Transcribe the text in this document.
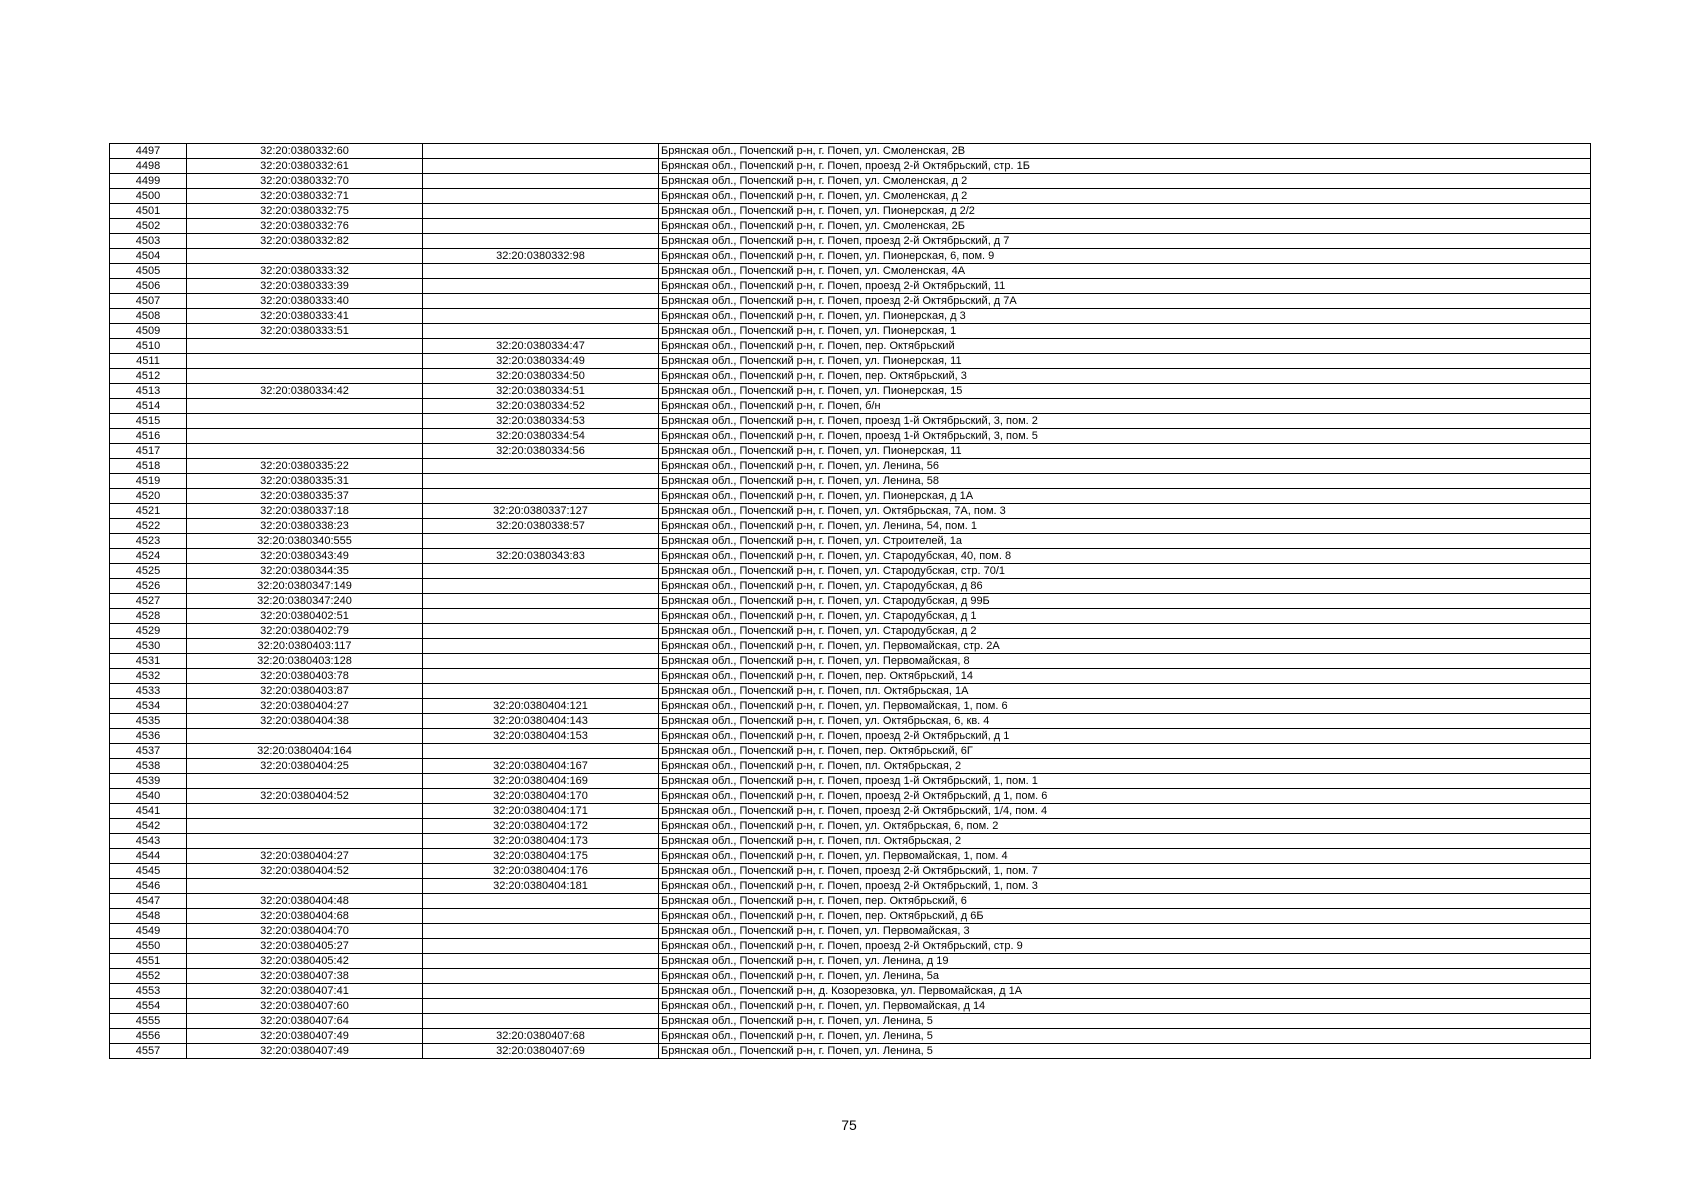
4497	32:20:0380332:60		Брянская обл., Почепский р-н, г. Почеп, ул. Смоленская, 2В
4498	32:20:0380332:61		Брянская обл., Почепский р-н, г. Почеп, проезд 2-й Октябрьский, стр. 1Б
4499	32:20:0380332:70		Брянская обл., Почепский р-н, г. Почеп, ул. Смоленская, д 2
4500	32:20:0380332:71		Брянская обл., Почепский р-н, г. Почеп, ул. Смоленская, д 2
4501	32:20:0380332:75		Брянская обл., Почепский р-н, г. Почеп, ул. Пионерская, д 2/2
4502	32:20:0380332:76		Брянская обл., Почепский р-н, г. Почеп, ул. Смоленская, 2Б
4503	32:20:0380332:82		Брянская обл., Почепский р-н, г. Почеп, проезд 2-й Октябрьский, д 7
4504		32:20:0380332:98	Брянская обл., Почепский р-н, г. Почеп, ул. Пионерская, 6, пом. 9
4505	32:20:0380333:32		Брянская обл., Почепский р-н, г. Почеп, ул. Смоленская, 4А
4506	32:20:0380333:39		Брянская обл., Почепский р-н, г. Почеп, проезд 2-й Октябрьский, 11
4507	32:20:0380333:40		Брянская обл., Почепский р-н, г. Почеп, проезд 2-й Октябрьский, д 7А
4508	32:20:0380333:41		Брянская обл., Почепский р-н, г. Почеп, ул. Пионерская, д 3
4509	32:20:0380333:51		Брянская обл., Почепский р-н, г. Почеп, ул. Пионерская, 1
4510		32:20:0380334:47	Брянская обл., Почепский р-н, г. Почеп, пер. Октябрьский
4511		32:20:0380334:49	Брянская обл., Почепский р-н, г. Почеп, ул. Пионерская, 11
4512		32:20:0380334:50	Брянская обл., Почепский р-н, г. Почеп, пер. Октябрьский, 3
4513	32:20:0380334:42	32:20:0380334:51	Брянская обл., Почепский р-н, г. Почеп, ул. Пионерская, 15
4514		32:20:0380334:52	Брянская обл., Почепский р-н, г. Почеп, б/н
4515		32:20:0380334:53	Брянская обл., Почепский р-н, г. Почеп, проезд 1-й Октябрьский, 3, пом. 2
4516		32:20:0380334:54	Брянская обл., Почепский р-н, г. Почеп, проезд 1-й Октябрьский, 3, пом. 5
4517		32:20:0380334:56	Брянская обл., Почепский р-н, г. Почеп, ул. Пионерская, 11
4518	32:20:0380335:22		Брянская обл., Почепский р-н, г. Почеп, ул. Ленина, 56
4519	32:20:0380335:31		Брянская обл., Почепский р-н, г. Почеп, ул. Ленина, 58
4520	32:20:0380335:37		Брянская обл., Почепский р-н, г. Почеп, ул. Пионерская, д 1А
4521	32:20:0380337:18	32:20:0380337:127	Брянская обл., Почепский р-н, г. Почеп, ул. Октябрьская, 7А, пом. 3
4522	32:20:0380338:23	32:20:0380338:57	Брянская обл., Почепский р-н, г. Почеп, ул. Ленина, 54, пом. 1
4523	32:20:0380340:555		Брянская обл., Почепский р-н, г. Почеп, ул. Строителей, 1а
4524	32:20:0380343:49	32:20:0380343:83	Брянская обл., Почепский р-н, г. Почеп, ул. Стародубская, 40, пом. 8
4525	32:20:0380344:35		Брянская обл., Почепский р-н, г. Почеп, ул. Стародубская, стр. 70/1
4526	32:20:0380347:149		Брянская обл., Почепский р-н, г. Почеп, ул. Стародубская, д 86
4527	32:20:0380347:240		Брянская обл., Почепский р-н, г. Почеп, ул. Стародубская, д 99Б
4528	32:20:0380402:51		Брянская обл., Почепский р-н, г. Почеп, ул. Стародубская, д 1
4529	32:20:0380402:79		Брянская обл., Почепский р-н, г. Почеп, ул. Стародубская, д 2
4530	32:20:0380403:117		Брянская обл., Почепский р-н, г. Почеп, ул. Первомайская, стр. 2А
4531	32:20:0380403:128		Брянская обл., Почепский р-н, г. Почеп, ул. Первомайская, 8
4532	32:20:0380403:78		Брянская обл., Почепский р-н, г. Почеп, пер. Октябрьский, 14
4533	32:20:0380403:87		Брянская обл., Почепский р-н, г. Почеп, пл. Октябрьская, 1А
4534	32:20:0380404:27	32:20:0380404:121	Брянская обл., Почепский р-н, г. Почеп, ул. Первомайская, 1, пом. 6
4535	32:20:0380404:38	32:20:0380404:143	Брянская обл., Почепский р-н, г. Почеп, ул. Октябрьская, 6, кв. 4
4536		32:20:0380404:153	Брянская обл., Почепский р-н, г. Почеп, проезд 2-й Октябрьский, д 1
4537	32:20:0380404:164		Брянская обл., Почепский р-н, г. Почеп, пер. Октябрьский, 6Г
4538	32:20:0380404:25	32:20:0380404:167	Брянская обл., Почепский р-н, г. Почеп, пл. Октябрьская, 2
4539		32:20:0380404:169	Брянская обл., Почепский р-н, г. Почеп, проезд 1-й Октябрьский, 1, пом. 1
4540	32:20:0380404:52	32:20:0380404:170	Брянская обл., Почепский р-н, г. Почеп, проезд 2-й Октябрьский, д 1, пом. 6
4541		32:20:0380404:171	Брянская обл., Почепский р-н, г. Почеп, проезд 2-й Октябрьский, 1/4, пом. 4
4542		32:20:0380404:172	Брянская обл., Почепский р-н, г. Почеп, ул. Октябрьская, 6, пом. 2
4543		32:20:0380404:173	Брянская обл., Почепский р-н, г. Почеп, пл. Октябрьская, 2
4544	32:20:0380404:27	32:20:0380404:175	Брянская обл., Почепский р-н, г. Почеп, ул. Первомайская, 1, пом. 4
4545	32:20:0380404:52	32:20:0380404:176	Брянская обл., Почепский р-н, г. Почеп, проезд 2-й Октябрьский, 1, пом. 7
4546		32:20:0380404:181	Брянская обл., Почепский р-н, г. Почеп, проезд 2-й Октябрьский, 1, пом. 3
4547	32:20:0380404:48		Брянская обл., Почепский р-н, г. Почеп, пер. Октябрьский, 6
4548	32:20:0380404:68		Брянская обл., Почепский р-н, г. Почеп, пер. Октябрьский, д 6Б
4549	32:20:0380404:70		Брянская обл., Почепский р-н, г. Почеп, ул. Первомайская, 3
4550	32:20:0380405:27		Брянская обл., Почепский р-н, г. Почеп, проезд 2-й Октябрьский, стр. 9
4551	32:20:0380405:42		Брянская обл., Почепский р-н, г. Почеп, ул. Ленина, д 19
4552	32:20:0380407:38		Брянская обл., Почепский р-н, г. Почеп, ул. Ленина, 5а
4553	32:20:0380407:41		Брянская обл., Почепский р-н, д. Козорезовка, ул. Первомайская, д 1А
4554	32:20:0380407:60		Брянская обл., Почепский р-н, г. Почеп, ул. Первомайская, д 14
4555	32:20:0380407:64		Брянская обл., Почепский р-н, г. Почеп, ул. Ленина, 5
4556	32:20:0380407:49	32:20:0380407:68	Брянская обл., Почепский р-н, г. Почеп, ул. Ленина, 5
4557	32:20:0380407:49	32:20:0380407:69	Брянская обл., Почепский р-н, г. Почеп, ул. Ленина, 5
75
